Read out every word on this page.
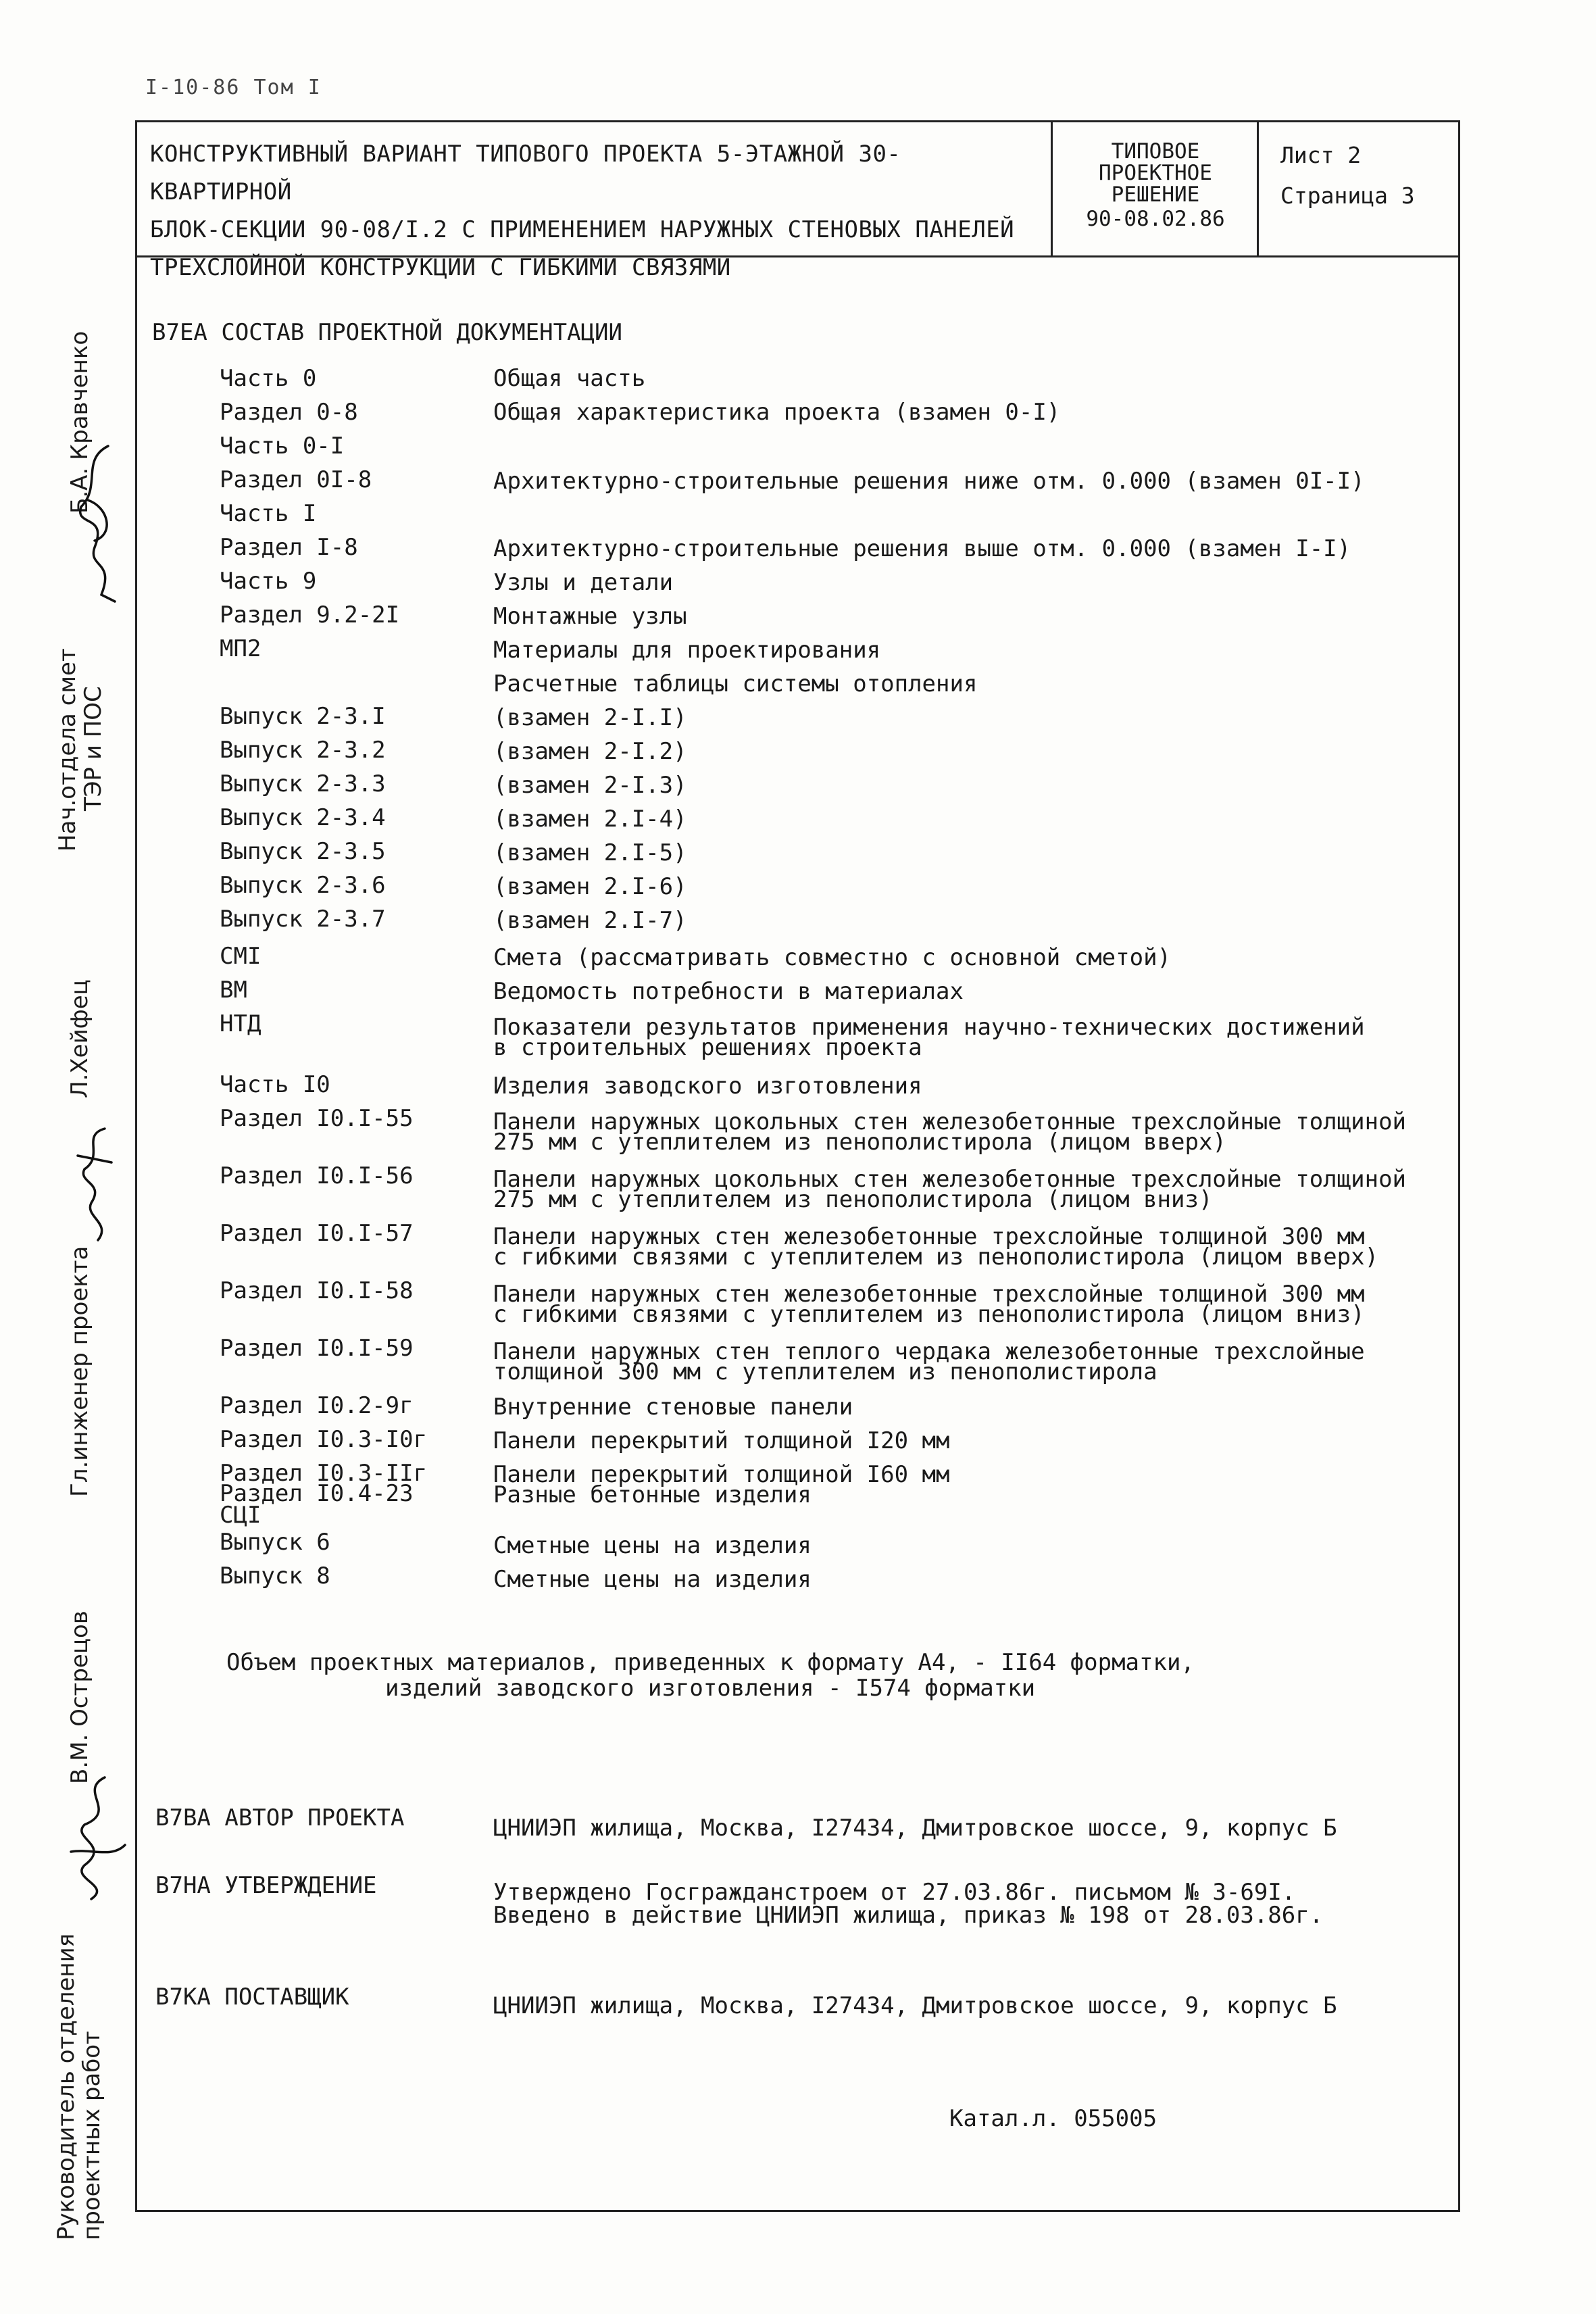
I-10-86 Том I
КОНСТРУКТИВНЫЙ ВАРИАНТ ТИПОВОГО ПРОЕКТА 5-ЭТАЖНОЙ 30-КВАРТИРНОЙ
БЛОК-СЕКЦИИ 90-08/I.2 С ПРИМЕНЕНИЕМ НАРУЖНЫХ СТЕНОВЫХ ПАНЕЛЕЙ
ТРЕХСЛОЙНОЙ КОНСТРУКЦИИ С ГИБКИМИ СВЯЗЯМИ
ТИПОВОЕ
ПРОЕКТНОЕ
РЕШЕНИЕ
90-08.02.86
Лист 2
Страница 3
Б.А. Кравченко
Нач.отдела смет
ТЭР и ПОС
Л.Хейфец
Гл.инженер проекта
В.М. Острецов
Руководитель отделения
проектных работ
В7ЕА СОСТАВ ПРОЕКТНОЙ ДОКУМЕНТАЦИИ
Часть 0	Общая часть
Раздел 0-8	Общая характеристика проекта (взамен 0-I)
Часть 0-I
Раздел 0I-8	Архитектурно-строительные решения ниже отм. 0.000 (взамен 0I-I)
Часть I
Раздел I-8	Архитектурно-строительные решения выше отм. 0.000 (взамен I-I)
Часть 9	Узлы и детали
Раздел 9.2-2I	Монтажные узлы
МП2	Материалы для проектирования
Расчетные таблицы системы отопления
Выпуск 2-3.I	(взамен 2-I.I)
Выпуск 2-3.2	(взамен 2-I.2)
Выпуск 2-3.3	(взамен 2-I.3)
Выпуск 2-3.4	(взамен 2.I-4)
Выпуск 2-3.5	(взамен 2.I-5)
Выпуск 2-3.6	(взамен 2.I-6)
Выпуск 2-3.7	(взамен 2.I-7)
СМI	Смета (рассматривать совместно с основной сметой)
ВМ	Ведомость потребности в материалах
НТД	Показатели результатов применения научно-технических достижений
в строительных решениях проекта
Часть I0	Изделия заводского изготовления
Раздел I0.I-55	Панели наружных цокольных стен железобетонные трехслойные толщиной
275 мм с утеплителем из пенополистирола (лицом вверх)
Раздел I0.I-56	Панели наружных цокольных стен железобетонные трехслойные толщиной
275 мм с утеплителем из пенополистирола (лицом вниз)
Раздел I0.I-57	Панели наружных стен железобетонные трехслойные толщиной 300 мм
с гибкими связями с утеплителем из пенополистирола (лицом вверх)
Раздел I0.I-58	Панели наружных стен железобетонные трехслойные толщиной 300 мм
с гибкими связями с утеплителем из пенополистирола (лицом вниз)
Раздел I0.I-59	Панели наружных стен теплого чердака железобетонные трехслойные
толщиной 300 мм с утеплителем из пенополистирола
Раздел I0.2-9г	Внутренние стеновые панели
Раздел I0.3-I0г	Панели перекрытий толщиной I20 мм
Раздел I0.3-IIг	Панели перекрытий толщиной I60 мм
Раздел I0.4-23	Разные бетонные изделия
СЦI
Выпуск 6	Сметные цены на изделия
Выпуск 8	Сметные цены на изделия
Объем проектных материалов, приведенных к формату А4, - II64 форматки,
изделий заводского изготовления - I574 форматки
В7ВА АВТОР ПРОЕКТА	ЦНИИЭП жилища, Москва, I27434, Дмитровское шоссе, 9, корпус Б
В7НА УТВЕРЖДЕНИЕ	Утверждено Госгражданстроем от 27.03.86г. письмом № 3-69I.
Введено в действие ЦНИИЭП жилища, приказ № 198 от 28.03.86г.
В7КА ПОСТАВЩИК	ЦНИИЭП жилища, Москва, I27434, Дмитровское шоссе, 9, корпус Б
Катал.л. 055005
